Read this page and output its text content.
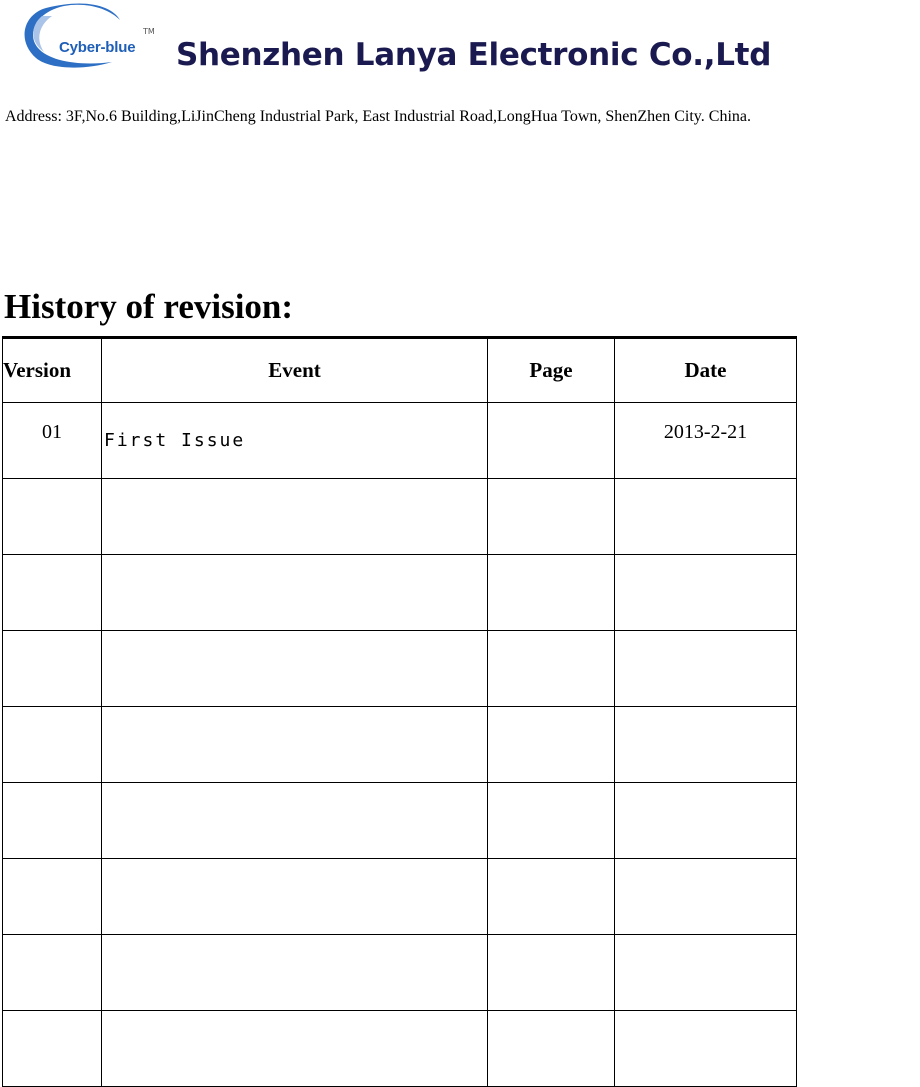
Cyber-blue
TM
Shenzhen Lanya Electronic Co.,Ltd
Address: 3F,No.6 Building,LiJinCheng Industrial Park, East Industrial Road,LongHua Town, ShenZhen City. China.
History of revision:
Version	Event	Page	Date
01	First Issue		2013-2-21
